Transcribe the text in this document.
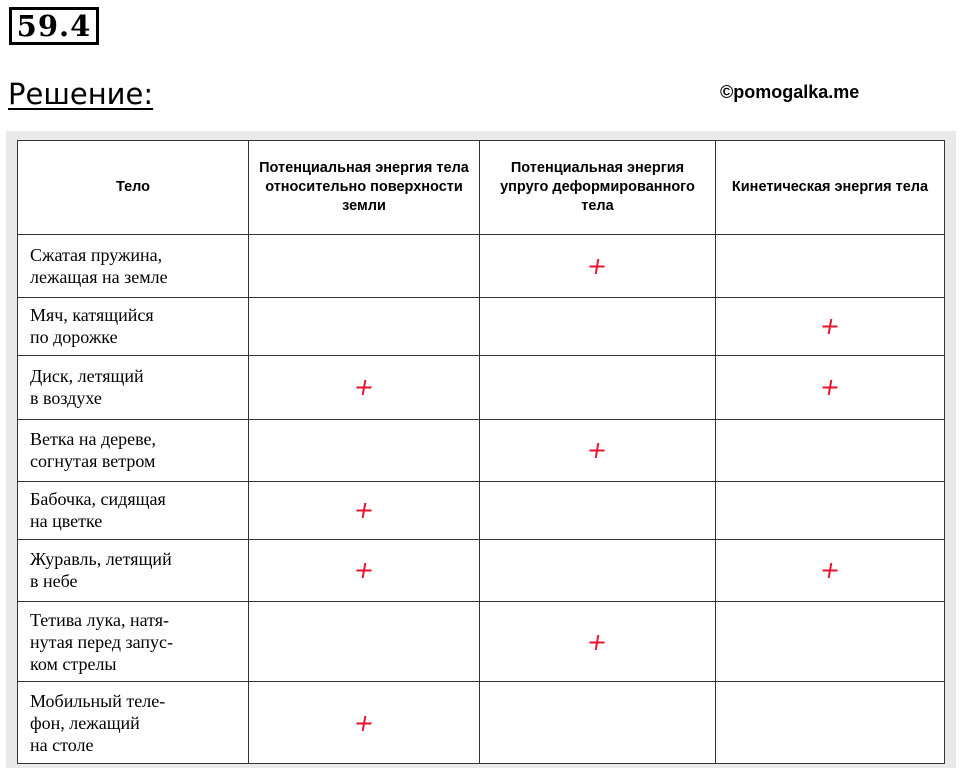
59.4
Решение:	©pomogalka.me
Тело	Потенциальная энергия тела относительно поверхности земли	Потенциальная энергия упруго деформированного тела	Кинетическая энергия тела
Сжатая пружина,
лежащая на земле		+	
Мяч, катящийся
по дорожке			+
Диск, летящий
в воздухе	+		+
Ветка на дереве,
согнутая ветром		+	
Бабочка, сидящая
на цветке	+		
Журавль, летящий
в небе	+		+
Тетива лука, натя-
нутая перед запус-
ком стрелы		+	
Мобильный теле-
фон, лежащий
на столе	+		
